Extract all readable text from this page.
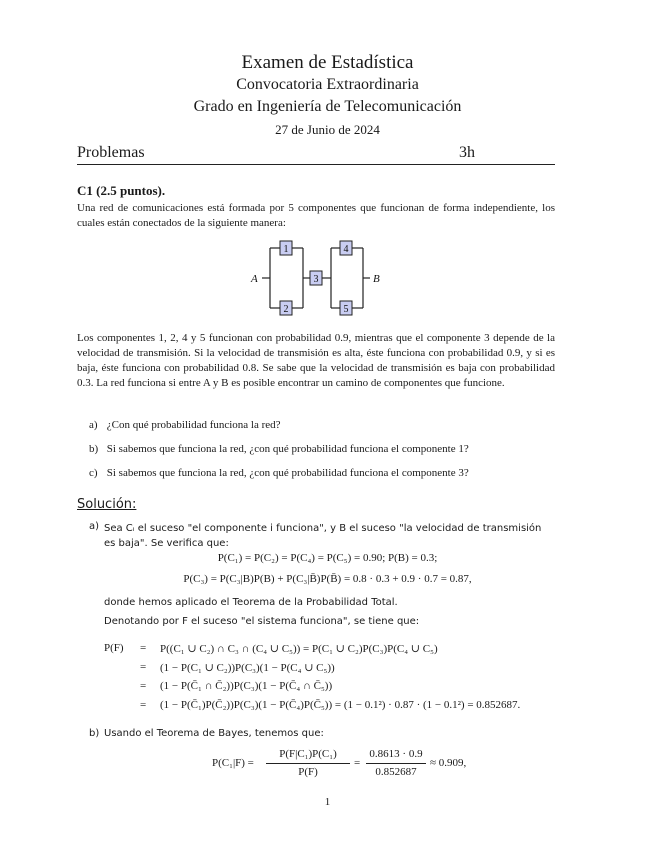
Examen de Estadística
Convocatoria Extraordinaria
Grado en Ingeniería de Telecomunicación
27 de Junio de 2024
Problemas	3h
C1 (2.5 puntos).
Una red de comunicaciones está formada por 5 componentes que funcionan de forma independiente, los cuales están conectados de la siguiente manera:
1
2
3
4
5
A	B
Los componentes 1, 2, 4 y 5 funcionan con probabilidad 0.9, mientras que el componente 3 depende de la velocidad de transmisión. Si la velocidad de transmisión es alta, éste funciona con probabilidad 0.9, y si es baja, éste funciona con probabilidad 0.8. Se sabe que la velocidad de transmisión es baja con probabilidad 0.3. La red funciona si entre A y B es posible encontrar un camino de componentes que funcione.
a) ¿Con qué probabilidad funciona la red?
b) Si sabemos que funciona la red, ¿con qué probabilidad funciona el componente 1?
c) Si sabemos que funciona la red, ¿con qué probabilidad funciona el componente 3?
Solución:
a) Sea Cᵢ el suceso "el componente i funciona", y B el suceso "la velocidad de transmisión es baja". Se verifica que:
P(C₁) = P(C₂) = P(C₄) = P(C₅) = 0.90; P(B) = 0.3;
P(C₃) = P(C₃|B)P(B) + P(C₃|B̄)P(B̄) = 0.8 · 0.3 + 0.9 · 0.7 = 0.87,
donde hemos aplicado el Teorema de la Probabilidad Total.
Denotando por F el suceso "el sistema funciona", se tiene que:
P(F) = P((C₁ ∪ C₂) ∩ C₃ ∩ (C₄ ∪ C₅)) = P(C₁ ∪ C₂)P(C₃)P(C₄ ∪ C₅)
= (1 − P(C₁ ∪ C₂))P(C₃)(1 − P(C₄ ∪ C₅))
= (1 − P(C̄₁ ∩ C̄₂))P(C₃)(1 − P(C̄₄ ∩ C̄₅))
= (1 − P(C̄₁)P(C̄₂))P(C₃)(1 − P(C̄₄)P(C̄₅)) = (1 − 0.1²) · 0.87 · (1 − 0.1²) = 0.852687.
b) Usando el Teorema de Bayes, tenemos que:
P(C₁|F) =
P(F|C₁)P(C₁)
P(F)
=
0.8613 · 0.9
0.852687
≈ 0.909,
1
